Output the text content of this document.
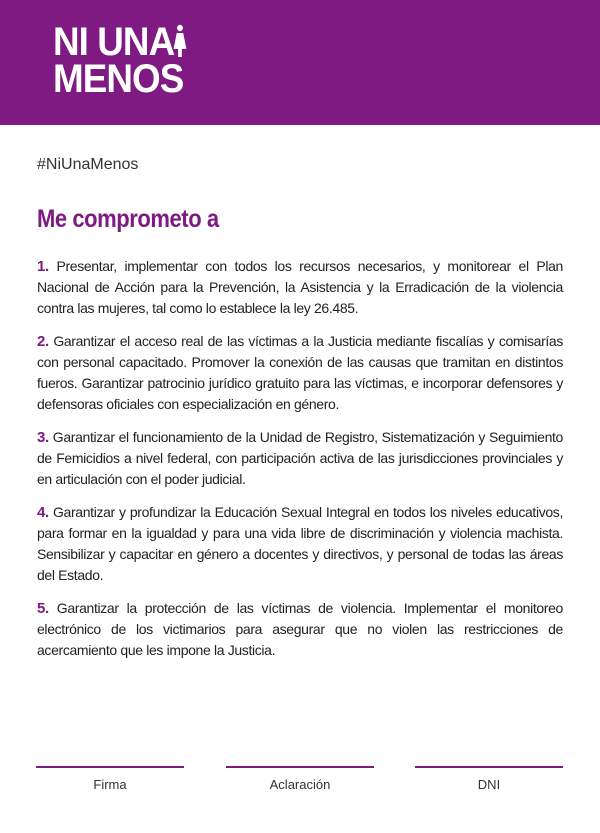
NI UNA
MENOS
#NiUnaMenos
Me comprometo a

1. Presentar, implementar con todos los recursos necesarios, y monitorear el Plan Nacional de Acción para la Prevención, la Asistencia y la Erradicación de la violencia contra las mujeres, tal como lo establece la ley 26.485.

2. Garantizar el acceso real de las víctimas a la Justicia mediante fiscalías y comisarías con personal capacitado. Promover la conexión de las causas que tramitan en distintos fueros. Garantizar patrocinio jurídico gratuito para las víctimas, e incorporar defensores y defensoras oficiales con especialización en género.

3. Garantizar el funcionamiento de la Unidad de Registro, Sistematización y Seguimiento de Femicidios a nivel federal, con participación activa de las jurisdicciones provinciales y en articulación con el poder judicial.

4. Garantizar y profundizar la Educación Sexual Integral en todos los niveles educativos, para formar en la igualdad y para una vida libre de discriminación y violencia machista. Sensibilizar y capacitar en género a docentes y directivos, y personal de todas las áreas del Estado.

5. Garantizar la protección de las víctimas de violencia. Implementar el monitoreo electrónico de los victimarios para asegurar que no violen las restricciones de acercamiento que les impone la Justicia.

Firma	Aclaración	DNI
